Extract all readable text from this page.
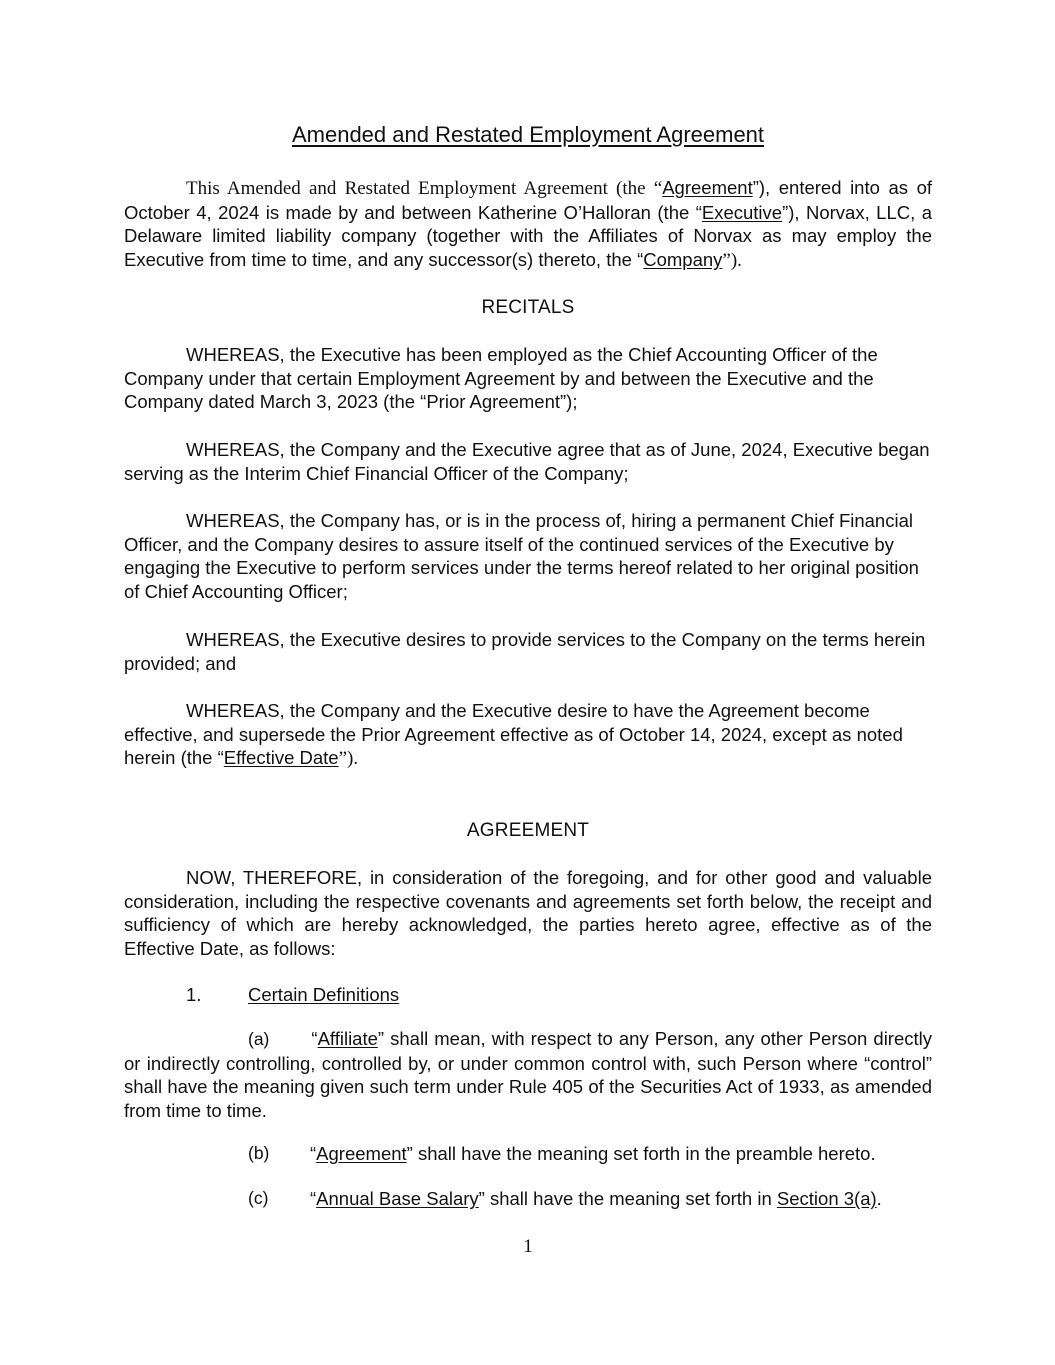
Amended and Restated Employment Agreement

This Amended and Restated Employment Agreement (the “Agreement”), entered into as of October 4, 2024 is made by and between Katherine O’Halloran (the “Executive”), Norvax, LLC, a Delaware limited liability company (together with the Affiliates of Norvax as may employ the Executive from time to time, and any successor(s) thereto, the “Company”).

RECITALS

WHEREAS, the Executive has been employed as the Chief Accounting Officer of the Company under that certain Employment Agreement by and between the Executive and the Company dated March 3, 2023 (the “Prior Agreement”);

WHEREAS, the Company and the Executive agree that as of June, 2024, Executive began serving as the Interim Chief Financial Officer of the Company;

WHEREAS, the Company has, or is in the process of, hiring a permanent Chief Financial Officer, and the Company desires to assure itself of the continued services of the Executive by engaging the Executive to perform services under the terms hereof related to her original position of Chief Accounting Officer;

WHEREAS, the Executive desires to provide services to the Company on the terms herein provided; and

WHEREAS, the Company and the Executive desire to have the Agreement become effective, and supersede the Prior Agreement effective as of October 14, 2024, except as noted herein (the “Effective Date”).

AGREEMENT

NOW, THEREFORE, in consideration of the foregoing, and for other good and valuable consideration, including the respective covenants and agreements set forth below, the receipt and sufficiency of which are hereby acknowledged, the parties hereto agree, effective as of the Effective Date, as follows:

1.	Certain Definitions

(a) “Affiliate” shall mean, with respect to any Person, any other Person directly or indirectly controlling, controlled by, or under common control with, such Person where “control” shall have the meaning given such term under Rule 405 of the Securities Act of 1933, as amended from time to time.

(b) “Agreement” shall have the meaning set forth in the preamble hereto.
(c) “Annual Base Salary” shall have the meaning set forth in Section 3(a).
1
